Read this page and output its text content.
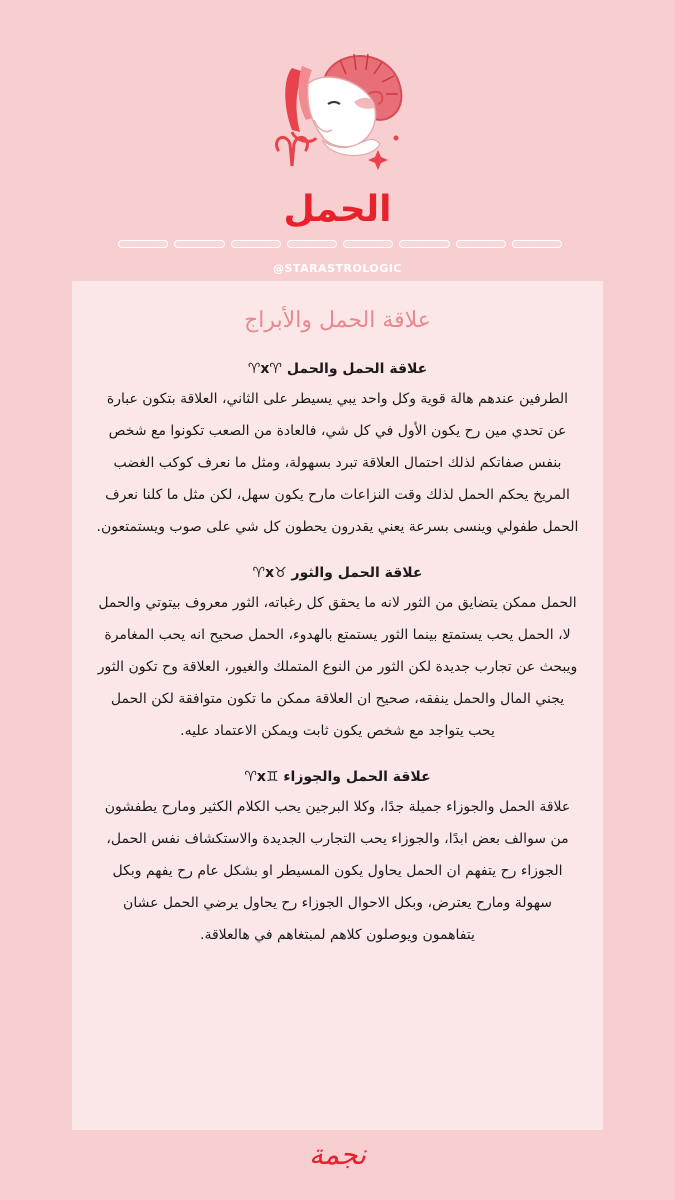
الحمل
@STARASTROLOGIC
علاقة الحمل والأبراج
علاقة الحمل والحمل ♈x♈
الطرفين عندهم هالة قوية وكل واحد يبي يسيطر على الثاني، العلاقة بتكون عبارة عن تحدي مين رح يكون الأول في كل شي، فالعادة من الصعب تكونوا مع شخص بنفس صفاتكم لذلك احتمال العلاقة تبرد بسهولة، ومثل ما نعرف كوكب الغضب المريخ يحكم الحمل لذلك وقت النزاعات مارح يكون سهل، لكن مثل ما كلنا نعرف الحمل طفولي وينسى بسرعة يعني يقدرون يحطون كل شي على صوب ويستمتعون.
علاقة الحمل والثور ♉x♈
الحمل ممكن يتضايق من الثور لانه ما يحقق كل رغباته، الثور معروف بيتوتي والحمل لا، الحمل يحب يستمتع بينما الثور يستمتع بالهدوء، الحمل صحيح انه يحب المغامرة ويبحث عن تجارب جديدة لكن الثور من النوع المتملك والغيور، العلاقة وح تكون الثور يجني المال والحمل ينفقه، صحيح ان العلاقة ممكن ما تكون متوافقة لكن الحمل يحب يتواجد مع شخص يكون ثابت ويمكن الاعتماد عليه.
علاقة الحمل والجوزاء ♊x♈
علاقة الحمل والجوزاء جميلة جدًا، وكلا البرجين يحب الكلام الكثير ومارح يطفشون من سوالف بعض ابدًا، والجوزاء يحب التجارب الجديدة والاستكشاف نفس الحمل، الجوزاء رح يتفهم ان الحمل يحاول يكون المسيطر او بشكل عام رح يفهم وبكل سهولة ومارح يعترض، وبكل الاحوال الجوزاء رح يحاول يرضي الحمل عشان يتفاهمون ويوصلون كلاهم لمبتغاهم في هالعلاقة.
نجمة
